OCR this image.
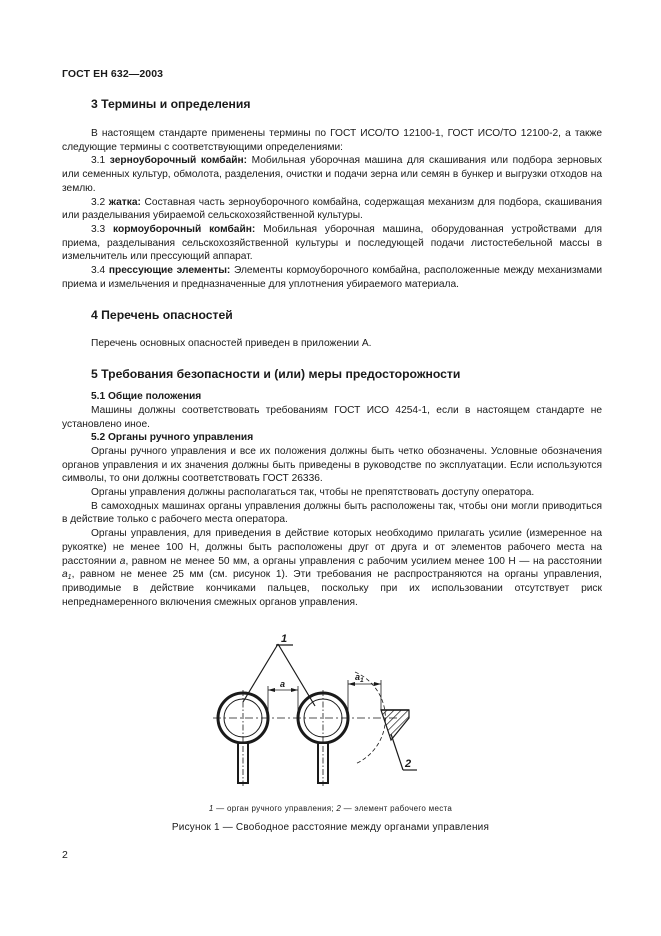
ГОСТ ЕН 632—2003
3 Термины и определения

В настоящем стандарте применены термины по ГОСТ ИСО/ТО 12100-1, ГОСТ ИСО/ТО 12100-2, а также следующие термины с соответствующими определениями:

3.1 зерноуборочный комбайн: Мобильная уборочная машина для скашивания или подбора зерновых или семенных культур, обмолота, разделения, очистки и подачи зерна или семян в бункер и выгрузки отходов на землю.

3.2 жатка: Составная часть зерноуборочного комбайна, содержащая механизм для подбора, скашивания или разделывания убираемой сельскохозяйственной культуры.

3.3 кормоуборочный комбайн: Мобильная уборочная машина, оборудованная устройствами для приема, разделывания сельскохозяйственной культуры и последующей подачи листостебельной массы в измельчитель или прессующий аппарат.

3.4 прессующие элементы: Элементы кормоуборочного комбайна, расположенные между механизмами приема и измельчения и предназначенные для уплотнения убираемого материала.

4 Перечень опасностей

Перечень основных опасностей приведен в приложении А.

5 Требования безопасности и (или) меры предосторожности
5.1 Общие положения

Машины должны соответствовать требованиям ГОСТ ИСО 4254-1, если в настоящем стандарте не установлено иное.

5.2 Органы ручного управления

Органы ручного управления и все их положения должны быть четко обозначены. Условные обозначения органов управления и их значения должны быть приведены в руководстве по эксплуатации. Если используются символы, то они должны соответствовать ГОСТ 26336.

Органы управления должны располагаться так, чтобы не препятствовать доступу оператора.

В самоходных машинах органы управления должны быть расположены так, чтобы они могли приводиться в действие только с рабочего места оператора.

Органы управления, для приведения в действие которых необходимо прилагать усилие (измеренное на рукоятке) не менее 100 Н, должны быть расположены друг от друга и от элементов рабочего места на расстоянии а, равном не менее 50 мм, а органы управления с рабочим усилием менее 100 Н — на расстоянии $а_1$, равном не менее 25 мм (см. рисунок 1). Эти требования не распространяются на органы управления, приводимые в действие кончиками пальцев, поскольку при их использовании отсутствует риск непреднамеренного включения смежных органов управления.

а
$а_1$
1
2
1 — орган ручного управления; 2 — элемент рабочего места
Рисунок 1 — Свободное расстояние между органами управления
2
